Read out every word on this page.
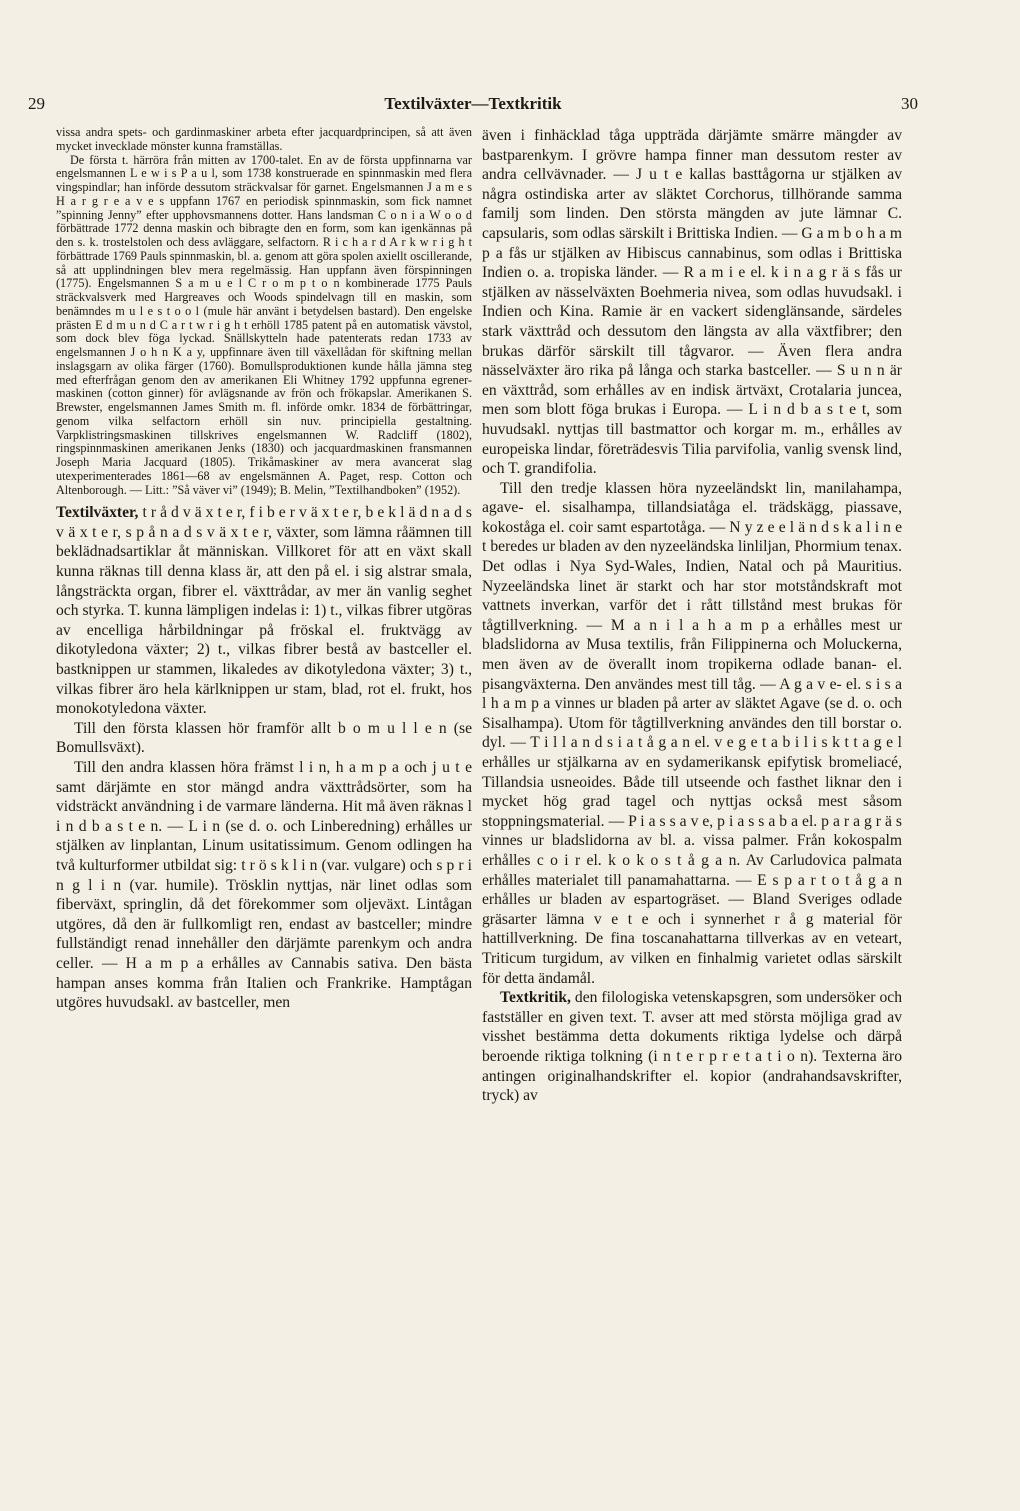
29	Textilväxter—Textkritik	30

vissa andra spets- och gardinmaskiner arbeta efter jacquardprincipen, så att även mycket invecklade mönster kunna framställas.

De första t. härröra från mitten av 1700-talet. En av de första uppfinnarna var engelsmannen L e w i s P a u l, som 1738 konstruerade en spinnmaskin med flera vingspindlar; han införde dessutom sträckvalsar för garnet. Engelsmannen J a m e s H a r g r e a v e s uppfann 1767 en periodisk spinnmaskin, som fick namnet ”spinning Jenny” efter upphovsmannens dotter. Hans landsman C o n i a W o o d förbättrade 1772 denna maskin och bibragte den en form, som kan igenkännas på den s. k. trostelstolen och dess avläggare, selfactorn. R i c h a r d A r k w r i g h t förbättrade 1769 Pauls spinnmaskin, bl. a. genom att göra spolen axiellt oscillerande, så att upplindningen blev mera regelmässig. Han uppfann även förspinningen (1775). Engelsmannen S a m u e l C r o m p t o n kombinerade 1775 Pauls sträckvalsverk med Hargreaves och Woods spindelvagn till en maskin, som benämndes m u l e s t o o l (mule här använt i betydelsen bastard). Den engelske prästen E d m u n d C a r t w r i g h t erhöll 1785 patent på en automatisk vävstol, som dock blev föga lyckad. Snällskytteln hade patenterats redan 1733 av engelsmannen J o h n K a y, uppfinnare även till växellådan för skiftning mellan inslagsgarn av olika färger (1760). Bomullsproduktionen kunde hålla jämna steg med efterfrågan genom den av amerikanen Eli Whitney 1792 uppfunna egrener-maskinen (cotton ginner) för avlägsnande av frön och frökapslar. Amerikanen S. Brewster, engelsmannen James Smith m. fl. införde omkr. 1834 de förbättringar, genom vilka selfactorn erhöll sin nuv. principiella gestaltning. Varpklistringsmaskinen tillskrives engelsmannen W. Radcliff (1802), ringspinnmaskinen amerikanen Jenks (1830) och jacquardmaskinen fransmannen Joseph Maria Jacquard (1805). Trikåmaskiner av mera avancerat slag utexperimenterades 1861—68 av engelsmännen A. Paget, resp. Cotton och Altenborough. — Litt.: ”Så väver vi” (1949); B. Melin, ”Textilhandboken” (1952).

Textilväxter, t r å d v ä x t e r, f i b e r v ä x t e r, b e k l ä d n a d s v ä x t e r, s p å n a d s v ä x t e r, växter, som lämna råämnen till beklädnadsartiklar åt människan. Villkoret för att en växt skall kunna räknas till denna klass är, att den på el. i sig alstrar smala, långsträckta organ, fibrer el. växttrådar, av mer än vanlig seghet och styrka. T. kunna lämpligen indelas i: 1) t., vilkas fibrer utgöras av encelliga hårbildningar på fröskal el. fruktvägg av dikotyledona växter; 2) t., vilkas fibrer bestå av bastceller el. bastknippen ur stammen, likaledes av dikotyledona växter; 3) t., vilkas fibrer äro hela kärlknippen ur stam, blad, rot el. frukt, hos monokotyledona växter.

Till den första klassen hör framför allt b o m u l l e n (se Bomullsväxt).

Till den andra klassen höra främst l i n, h a m p a och j u t e samt därjämte en stor mängd andra växttrådsörter, som ha vidsträckt användning i de varmare länderna. Hit må även räknas l i n d b a s t e n. — L i n (se d. o. och Linberedning) erhålles ur stjälken av linplantan, Linum usitatissimum. Genom odlingen ha två kulturformer utbildat sig: t r ö s k l i n (var. vulgare) och s p r i n g l i n (var. humile). Trösklin nyttjas, när linet odlas som fiberväxt, springlin, då det förekommer som oljeväxt. Lintågan utgöres, då den är fullkomligt ren, endast av bastceller; mindre fullständigt renad innehåller den därjämte parenkym och andra celler. — H a m p a erhålles av Cannabis sativa. Den bästa hampan anses komma från Italien och Frankrike. Hamptågan utgöres huvudsakl. av bastceller, men

även i finhäcklad tåga uppträda därjämte smärre mängder av bastparenkym. I grövre hampa finner man dessutom rester av andra cellvävnader. — J u t e kallas basttågorna ur stjälken av några ostindiska arter av släktet Corchorus, tillhörande samma familj som linden. Den största mängden av jute lämnar C. capsularis, som odlas särskilt i Brittiska Indien. — G a m b o h a m p a fås ur stjälken av Hibiscus cannabinus, som odlas i Brittiska Indien o. a. tropiska länder. — R a m i e el. k i n a g r ä s fås ur stjälken av nässelväxten Boehmeria nivea, som odlas huvudsakl. i Indien och Kina. Ramie är en vackert sidenglänsande, särdeles stark växttråd och dessutom den längsta av alla växtfibrer; den brukas därför särskilt till tågvaror. — Även flera andra nässelväxter äro rika på långa och starka bastceller. — S u n n är en växttråd, som erhålles av en indisk ärtväxt, Crotalaria juncea, men som blott föga brukas i Europa. — L i n d b a s t e t, som huvudsakl. nyttjas till bastmattor och korgar m. m., erhålles av europeiska lindar, företrädesvis Tilia parvifolia, vanlig svensk lind, och T. grandifolia.

Till den tredje klassen höra nyzeeländskt lin, manilahampa, agave- el. sisalhampa, tillandsiatåga el. trädskägg, piassave, kokoståga el. coir samt espartotåga. — N y z e e l ä n d s k a l i n e t beredes ur bladen av den nyzeeländska linliljan, Phormium tenax. Det odlas i Nya Syd-Wales, Indien, Natal och på Mauritius. Nyzeeländska linet är starkt och har stor motståndskraft mot vattnets inverkan, varför det i rått tillstånd mest brukas för tågtillverkning. — M a n i l a h a m p a erhålles mest ur bladslidorna av Musa textilis, från Filippinerna och Moluckerna, men även av de överallt inom tropikerna odlade banan- el. pisangväxterna. Den användes mest till tåg. — A g a v e- el. s i s a l h a m p a vinnes ur bladen på arter av släktet Agave (se d. o. och Sisalhampa). Utom för tågtillverkning användes den till borstar o. dyl. — T i l l a n d s i a t å g a n el. v e g e t a b i l i s k t t a g e l erhålles ur stjälkarna av en sydamerikansk epifytisk bromeliacé, Tillandsia usneoides. Både till utseende och fasthet liknar den i mycket hög grad tagel och nyttjas också mest såsom stoppningsmaterial. — P i a s s a v e, p i a s s a b a el. p a r a g r ä s vinnes ur bladslidorna av bl. a. vissa palmer. Från kokospalm erhålles c o i r el. k o k o s t å g a n. Av Carludovica palmata erhålles materialet till panamahattarna. — E s p a r t o t å g a n erhålles ur bladen av espartogräset. — Bland Sveriges odlade gräsarter lämna v e t e och i synnerhet r å g material för hattillverkning. De fina toscanahattarna tillverkas av en veteart, Triticum turgidum, av vilken en finhalmig varietet odlas särskilt för detta ändamål.

Textkritik, den filologiska vetenskapsgren, som undersöker och fastställer en given text. T. avser att med största möjliga grad av visshet bestämma detta dokuments riktiga lydelse och därpå beroende riktiga tolkning (i n t e r p r e t a t i o n). Texterna äro antingen originalhandskrifter el. kopior (andrahandsavskrifter, tryck) av
